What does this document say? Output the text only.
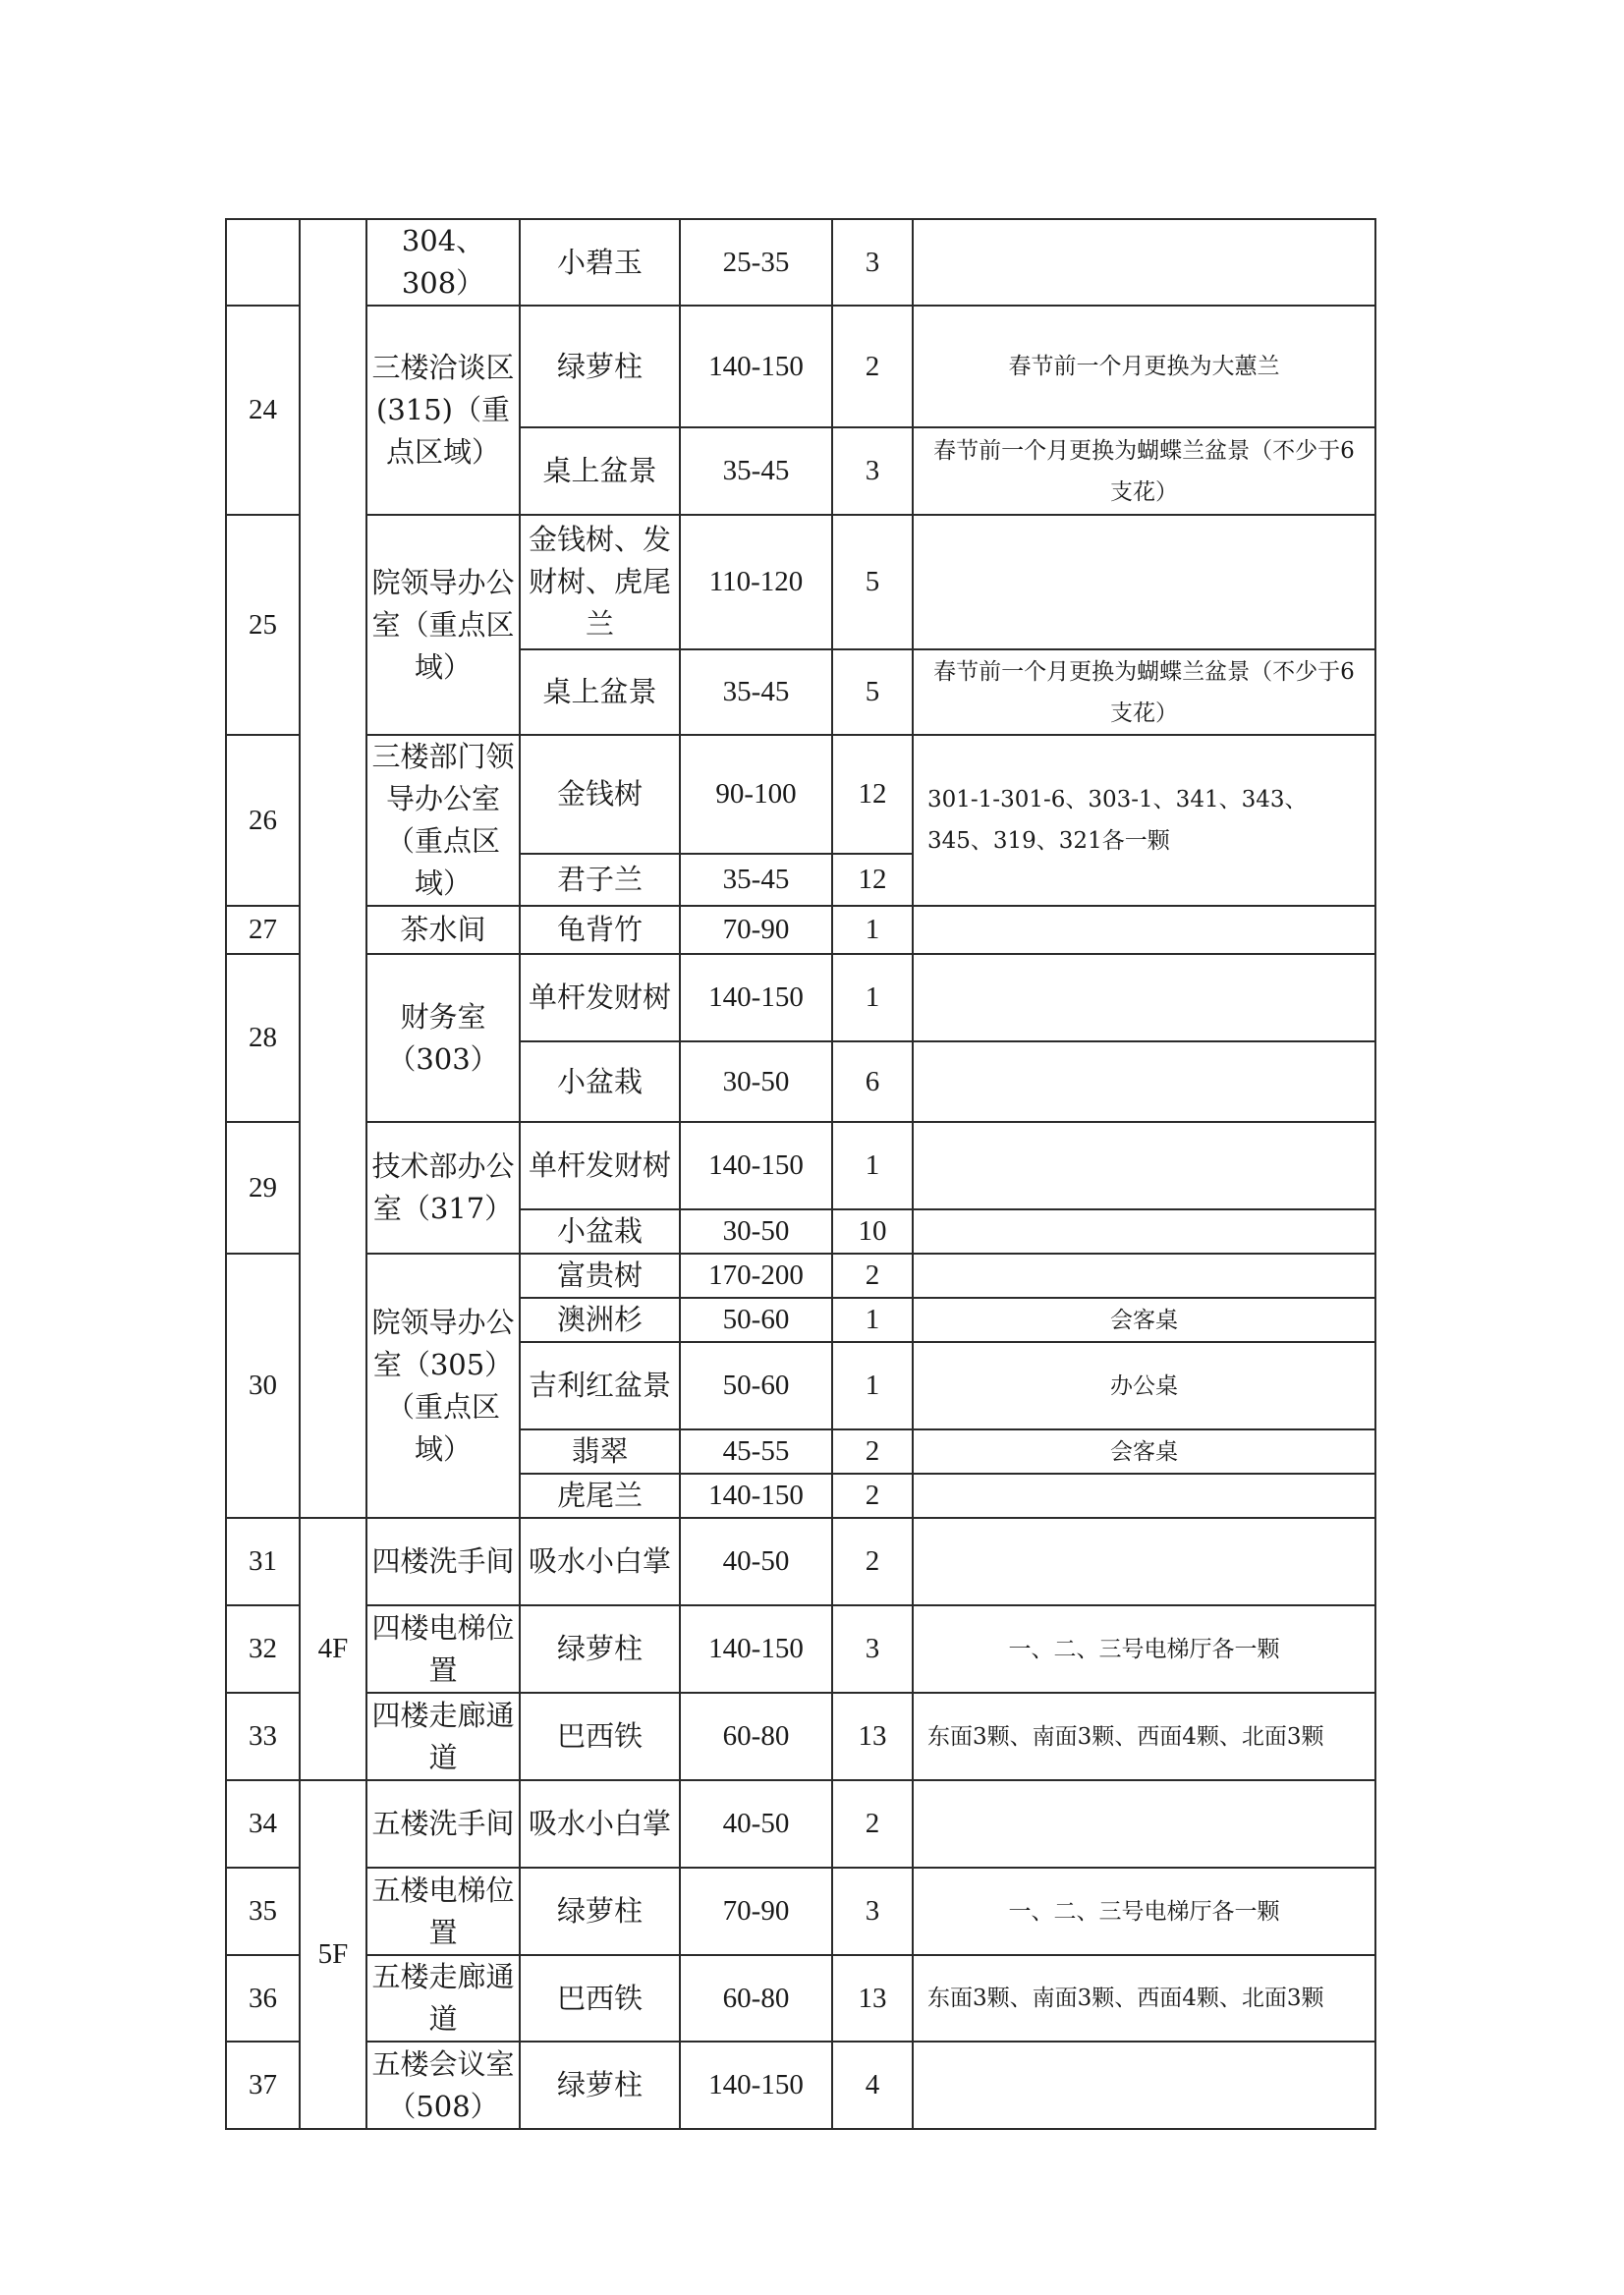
		304、308）	小碧玉	25-35	3	
24		三楼洽谈区(315)（重点区域）	绿萝柱	140-150	2	春节前一个月更换为大蕙兰
			桌上盆景	35-45	3	春节前一个月更换为蝴蝶兰盆景（不少于6支花）
25		院领导办公室（重点区域）	金钱树、发财树、虎尾兰	110-120	5	
			桌上盆景	35-45	5	春节前一个月更换为蝴蝶兰盆景（不少于6支花）
26		三楼部门领导办公室（重点区域）	金钱树	90-100	12	301-1-301-6、303-1、341、343、345、319、321各一颗
			君子兰	35-45	12	
27		茶水间	龟背竹	70-90	1	
28		财务室（303）	单杆发财树	140-150	1	
			小盆栽	30-50	6	
29		技术部办公室（317）	单杆发财树	140-150	1	
			小盆栽	30-50	10	
30		院领导办公室（305）（重点区域）	富贵树	170-200	2	
			澳洲杉	50-60	1	会客桌
			吉利红盆景	50-60	1	办公桌
			翡翠	45-55	2	会客桌
			虎尾兰	140-150	2	
31	4F	四楼洗手间	吸水小白掌	40-50	2	
32		四楼电梯位置	绿萝柱	140-150	3	一、二、三号电梯厅各一颗
33		四楼走廊通道	巴西铁	60-80	13	东面3颗、南面3颗、西面4颗、北面3颗
34	5F	五楼洗手间	吸水小白掌	40-50	2	
35		五楼电梯位置	绿萝柱	70-90	3	一、二、三号电梯厅各一颗
36		五楼走廊通道	巴西铁	60-80	13	东面3颗、南面3颗、西面4颗、北面3颗
37		五楼会议室（508）	绿萝柱	140-150	4	
